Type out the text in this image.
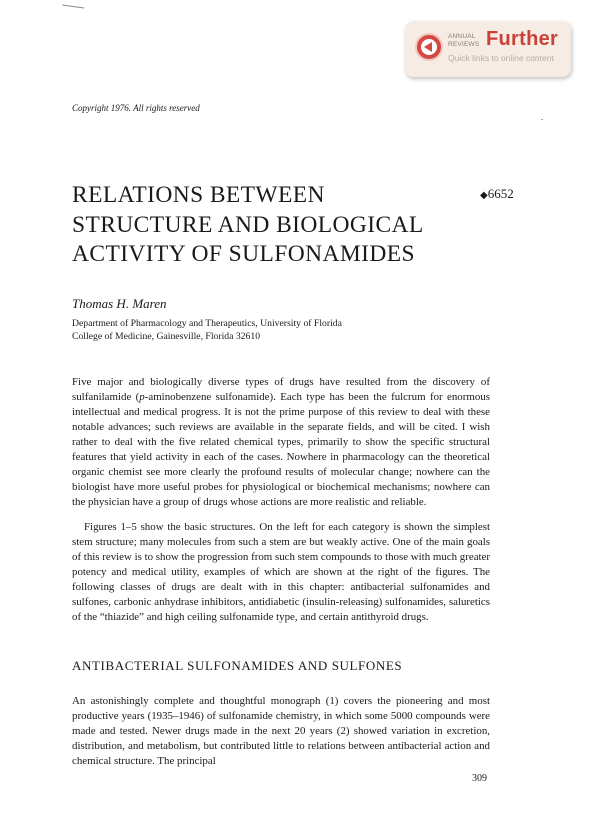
ANNUAL
REVIEWS Further
Quick links to online content
Copyright 1976. All rights reserved
RELATIONS BETWEEN
STRUCTURE AND BIOLOGICAL
ACTIVITY OF SULFONAMIDES
◆6652
Thomas H. Maren
Department of Pharmacology and Therapeutics, University of Florida
College of Medicine, Gainesville, Florida 32610

Five major and biologically diverse types of drugs have resulted from the discovery of sulfanilamide (p-aminobenzene sulfonamide). Each type has been the fulcrum for enormous intellectual and medical progress. It is not the prime purpose of this review to deal with these notable advances; such reviews are available in the separate fields, and will be cited. I wish rather to deal with the five related chemical types, primarily to show the specific structural features that yield activity in each of the cases. Nowhere in pharmacology can the theoretical organic chemist see more clearly the profound results of molecular change; nowhere can the biologist have more useful probes for physiological or biochemical mechanisms; nowhere can the physician have a group of drugs whose actions are more realistic and reliable.

Figures 1–5 show the basic structures. On the left for each category is shown the simplest stem structure; many molecules from such a stem are but weakly active. One of the main goals of this review is to show the progression from such stem compounds to those with much greater potency and medical utility, examples of which are shown at the right of the figures. The following classes of drugs are dealt with in this chapter: antibacterial sulfonamides and sulfones, carbonic anhydrase inhibitors, antidiabetic (insulin-releasing) sulfonamides, saluretics of the “thiazide” and high ceiling sulfonamide type, and certain antithyroid drugs.

ANTIBACTERIAL SULFONAMIDES AND SULFONES

An astonishingly complete and thoughtful monograph (1) covers the pioneering and most productive years (1935–1946) of sulfonamide chemistry, in which some 5000 compounds were made and tested. Newer drugs made in the next 20 years (2) showed variation in excretion, distribution, and metabolism, but contributed little to relations between antibacterial action and chemical structure. The principal

309
